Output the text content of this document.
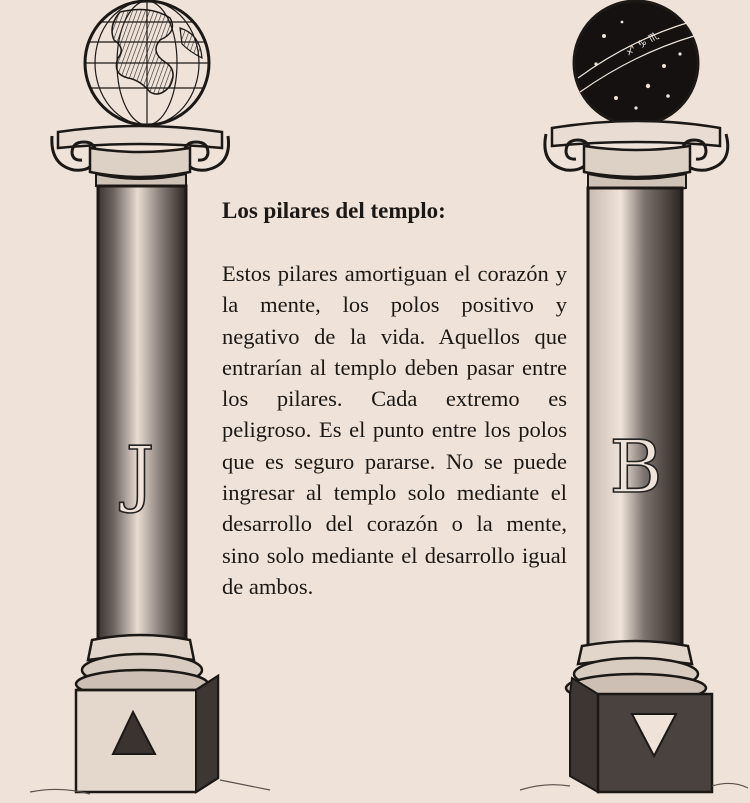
J
♐ ♑ ♏
B
Los pilares del templo:

Estos pilares amortiguan el corazón y la mente, los polos positivo y negativo de la vida. Aquellos que entrarían al templo deben pasar entre los pilares. Cada extremo es peligroso. Es el punto entre los polos que es seguro pararse. No se puede ingresar al templo solo mediante el desarrollo del corazón o la mente, sino solo mediante el desarrollo igual de ambos.
